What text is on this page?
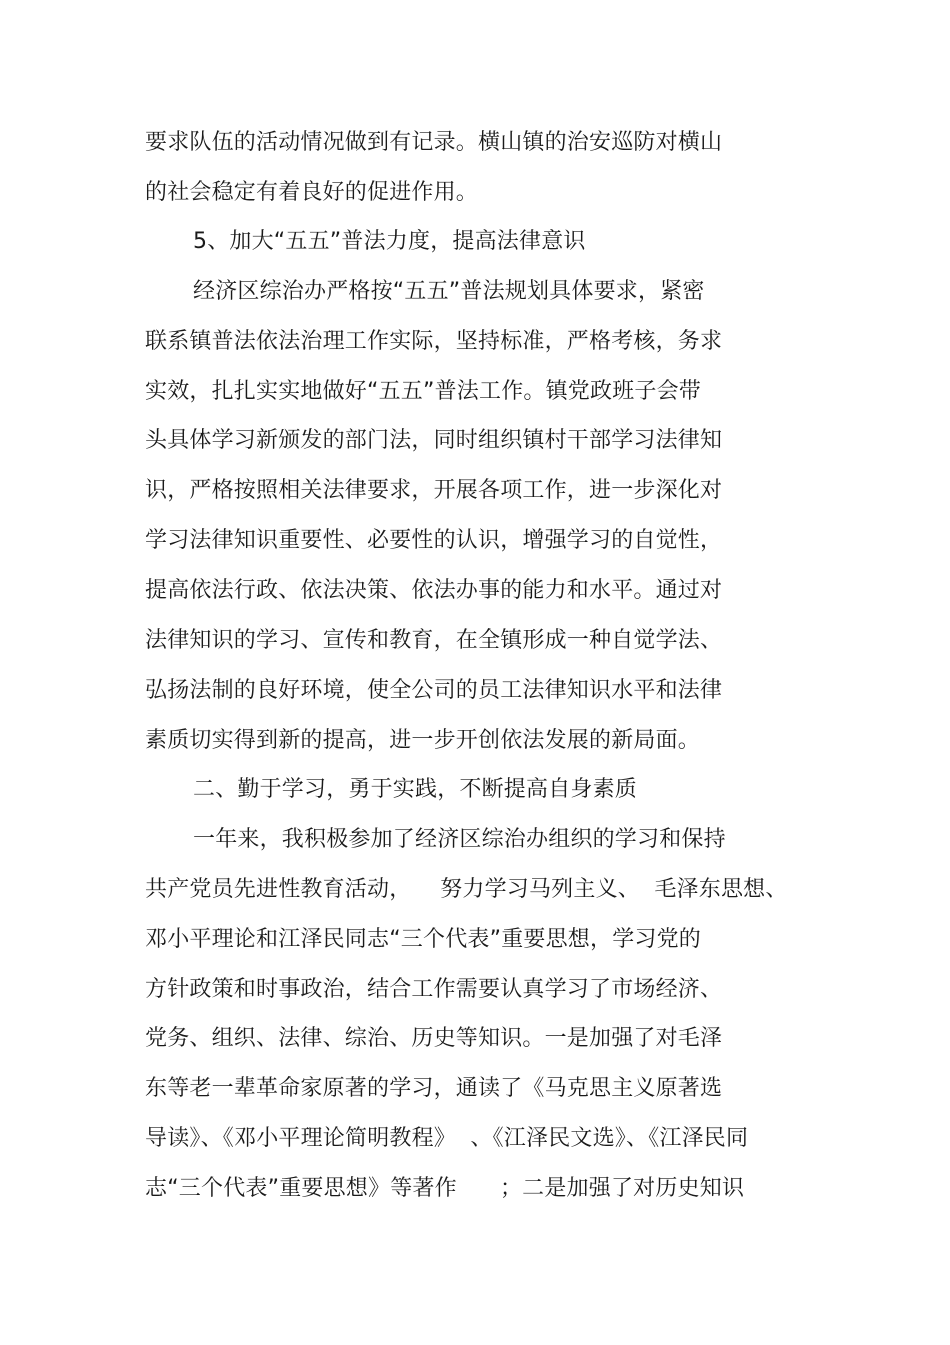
要求队伍的活动情况做到有记录。横山镇的治安巡防对横山
的社会稳定有着良好的促进作用。
5、加大“五五”普法力度，提高法律意识
经济区综治办严格按“五五”普法规划具体要求，紧密
联系镇普法依法治理工作实际，坚持标准，严格考核，务求
实效，扎扎实实地做好“五五”普法工作。镇党政班子会带
头具体学习新颁发的部门法，同时组织镇村干部学习法律知
识，严格按照相关法律要求，开展各项工作，进一步深化对
学习法律知识重要性、必要性的认识，增强学习的自觉性，
提高依法行政、依法决策、依法办事的能力和水平。通过对
法律知识的学习、宣传和教育，在全镇形成一种自觉学法、
弘扬法制的良好环境，使全公司的员工法律知识水平和法律
素质切实得到新的提高，进一步开创依法发展的新局面。
二、勤于学习，勇于实践，不断提高自身素质
一年来，我积极参加了经济区综治办组织的学习和保持
共产党员先进性教育活动，    努力学习马列主义、  毛泽东思想、
邓小平理论和江泽民同志“三个代表”重要思想，学习党的
方针政策和时事政治，结合工作需要认真学习了市场经济、
党务、组织、法律、综治、历史等知识。一是加强了对毛泽
东等老一辈革命家原著的学习，通读了《马克思主义原著选
导读》、《邓小平理论简明教程》  、《江泽民文选》、《江泽民同
志“三个代表”重要思想》等著作      ；二是加强了对历史知识
